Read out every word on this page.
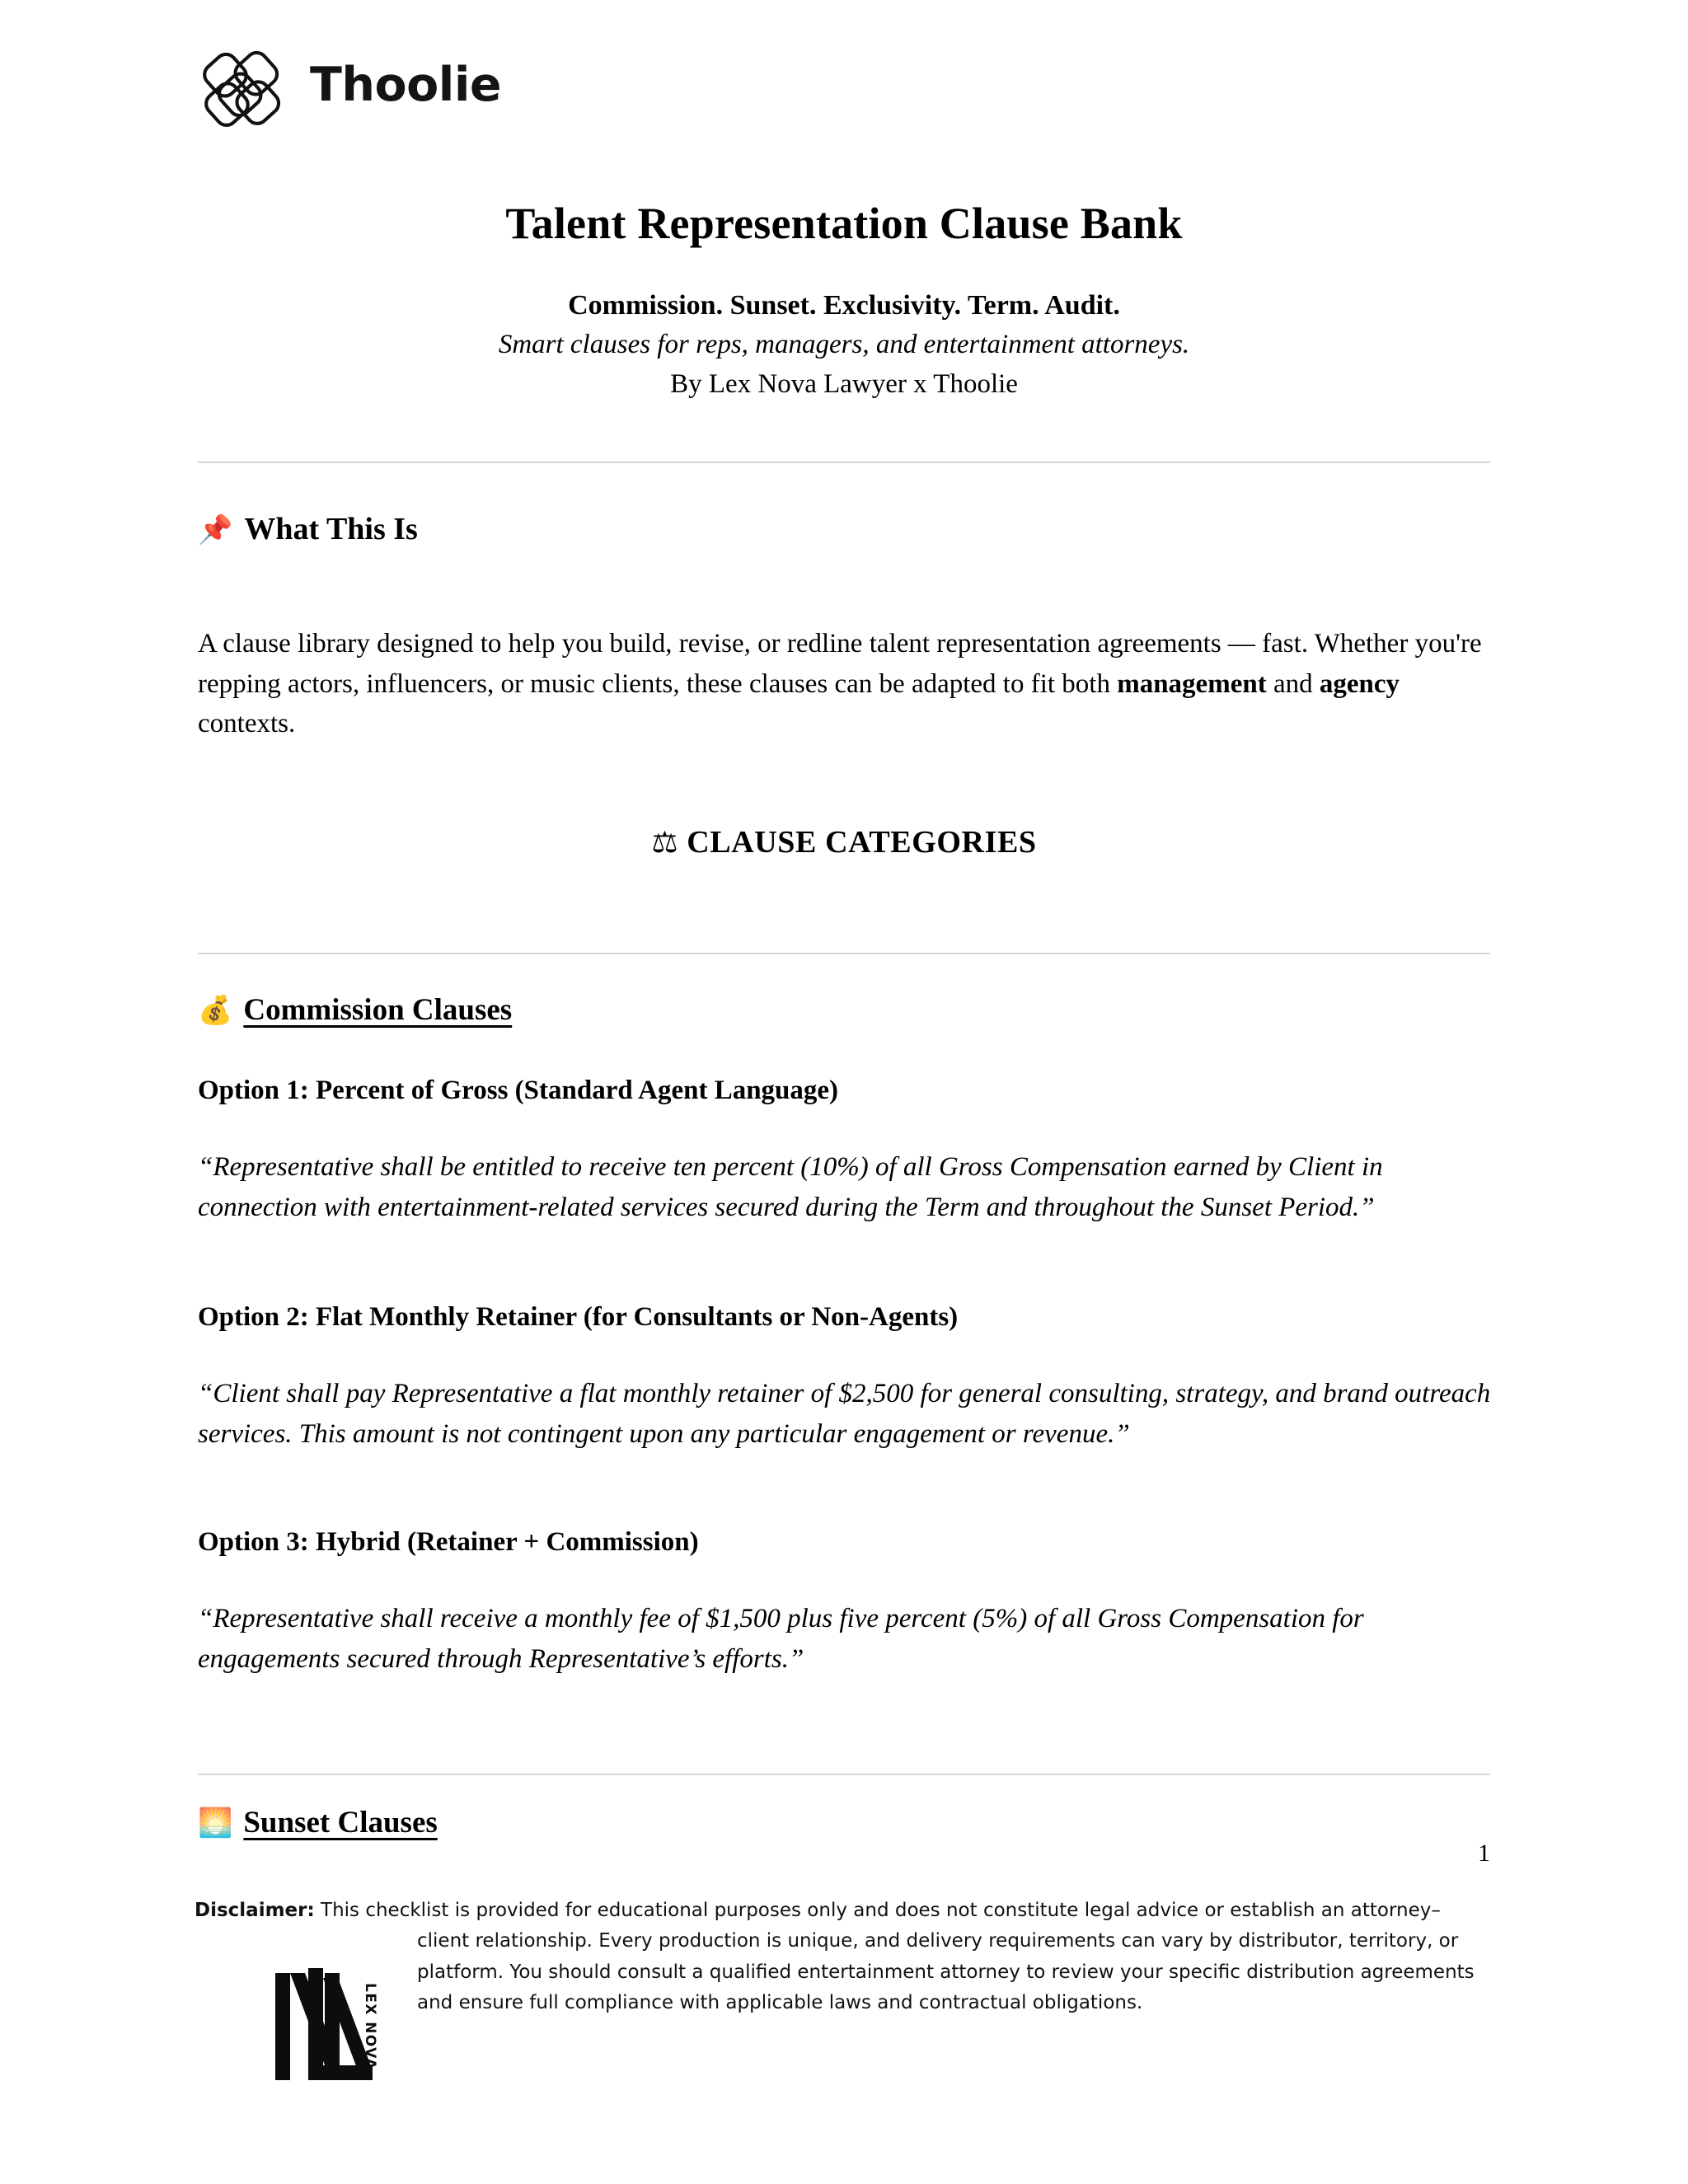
Thoolie
Talent Representation Clause Bank
Commission. Sunset. Exclusivity. Term. Audit.
Smart clauses for reps, managers, and entertainment attorneys.
By Lex Nova Lawyer x Thoolie
📌 What This Is

A clause library designed to help you build, revise, or redline talent representation agreements — fast. Whether you're repping actors, influencers, or music clients, these clauses can be adapted to fit both management and agency contexts.

⚖ CLAUSE CATEGORIES
💰 Commission Clauses
Option 1: Percent of Gross (Standard Agent Language)
“Representative shall be entitled to receive ten percent (10%) of all Gross Compensation earned by Client in connection with entertainment-related services secured during the Term and throughout the Sunset Period.”
Option 2: Flat Monthly Retainer (for Consultants or Non-Agents)
“Client shall pay Representative a flat monthly retainer of $2,500 for general consulting, strategy, and brand outreach services. This amount is not contingent upon any particular engagement or revenue.”
Option 3: Hybrid (Retainer + Commission)
“Representative shall receive a monthly fee of $1,500 plus five percent (5%) of all Gross Compensation for engagements secured through Representative’s efforts.”
🌅 Sunset Clauses
1

Disclaimer: This checklist is provided for educational purposes only and does not constitute legal advice or establish an attorney–

client relationship. Every production is unique, and delivery requirements can vary by distributor, territory, or platform. You should consult a qualified entertainment attorney to review your specific distribution agreements and ensure full compliance with applicable laws and contractual obligations.

LEX NOVA
